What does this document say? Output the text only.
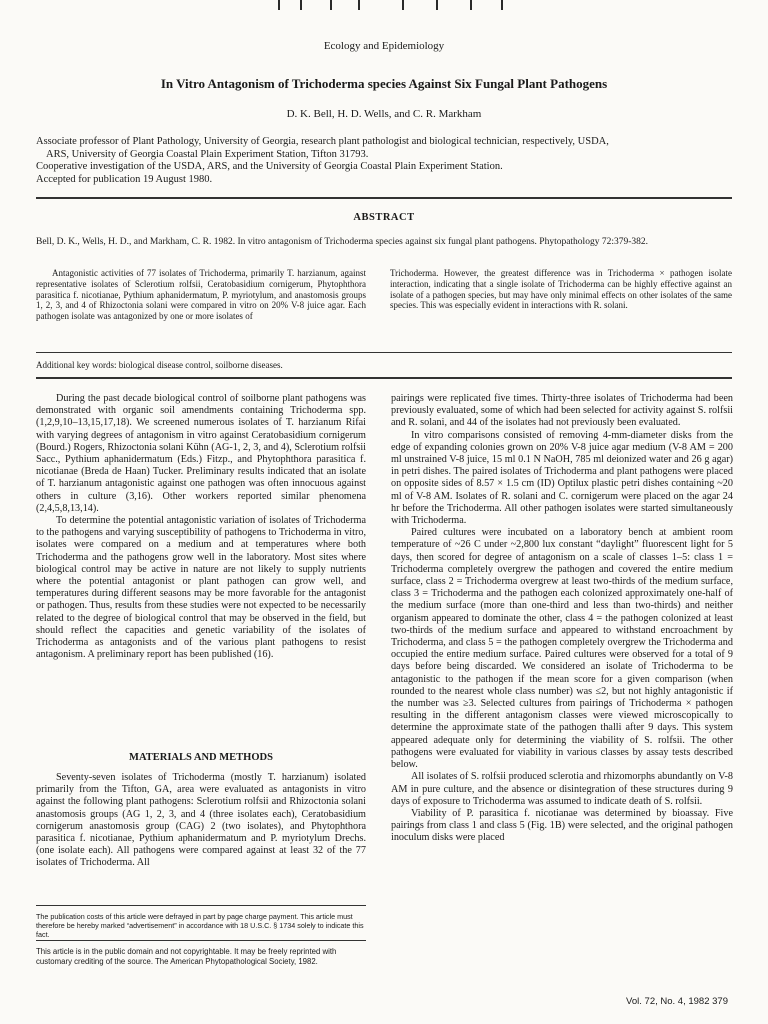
Ecology and Epidemiology
In Vitro Antagonism of Trichoderma species Against Six Fungal Plant Pathogens
D. K. Bell, H. D. Wells, and C. R. Markham
Associate professor of Plant Pathology, University of Georgia, research plant pathologist and biological technician, respectively, USDA,
ARS, University of Georgia Coastal Plain Experiment Station, Tifton 31793.
Cooperative investigation of the USDA, ARS, and the University of Georgia Coastal Plain Experiment Station.
Accepted for publication 19 August 1980.
ABSTRACT
Bell, D. K., Wells, H. D., and Markham, C. R. 1982. In vitro antagonism of Trichoderma species against six fungal plant pathogens. Phytopathology 72:379-382.

Antagonistic activities of 77 isolates of Trichoderma, primarily T. harzianum, against representative isolates of Sclerotium rolfsii, Ceratobasidium cornigerum, Phytophthora parasitica f. nicotianae, Pythium aphanidermatum, P. myriotylum, and anastomosis groups 1, 2, 3, and 4 of Rhizoctonia solani were compared in vitro on 20% V-8 juice agar. Each pathogen isolate was antagonized by one or more isolates of

Trichoderma. However, the greatest difference was in Trichoderma × pathogen isolate interaction, indicating that a single isolate of Trichoderma can be highly effective against an isolate of a pathogen species, but may have only minimal effects on other isolates of the same species. This was especially evident in interactions with R. solani.

Additional key words: biological disease control, soilborne diseases.

During the past decade biological control of soilborne plant pathogens was demonstrated with organic soil amendments containing Trichoderma spp. (1,2,9,10–13,15,17,18). We screened numerous isolates of T. harzianum Rifai with varying degrees of antagonism in vitro against Ceratobasidium cornigerum (Bourd.) Rogers, Rhizoctonia solani Kühn (AG-1, 2, 3, and 4), Sclerotium rolfsii Sacc., Pythium aphanidermatum (Eds.) Fitzp., and Phytophthora parasitica f. nicotianae (Breda de Haan) Tucker. Preliminary results indicated that an isolate of T. harzianum antagonistic against one pathogen was often innocuous against others in culture (3,16). Other workers reported similar phenomena (2,4,5,8,13,14).

To determine the potential antagonistic variation of isolates of Trichoderma to the pathogens and varying susceptibility of pathogens to Trichoderma in vitro, isolates were compared on a medium and at temperatures where both Trichoderma and the pathogens grow well in the laboratory. Most sites where biological control may be active in nature are not likely to supply nutrients where the potential antagonist or plant pathogen can grow well, and temperatures during different seasons may be more favorable for the antagonist or pathogen. Thus, results from these studies were not expected to be necessarily related to the degree of biological control that may be observed in the field, but should reflect the capacities and genetic variability of the isolates of Trichoderma as antagonists and of the various plant pathogens to resist antagonism. A preliminary report has been published (16).

MATERIALS AND METHODS

Seventy-seven isolates of Trichoderma (mostly T. harzianum) isolated primarily from the Tifton, GA, area were evaluated as antagonists in vitro against the following plant pathogens: Sclerotium rolfsii and Rhizoctonia solani anastomosis groups (AG 1, 2, 3, and 4 (three isolates each), Ceratobasidium cornigerum anastomosis group (CAG) 2 (two isolates), and Phytophthora parasitica f. nicotianae, Pythium aphanidermatum and P. myriotylum Drechs. (one isolate each). All pathogens were compared against at least 32 of the 77 isolates of Trichoderma. All

The publication costs of this article were defrayed in part by page charge payment. This article must therefore be hereby marked “advertisement” in accordance with 18 U.S.C. § 1734 solely to indicate this fact.

This article is in the public domain and not copyrightable. It may be freely reprinted with customary crediting of the source. The American Phytopathological Society, 1982.

pairings were replicated five times. Thirty-three isolates of Trichoderma had been previously evaluated, some of which had been selected for activity against S. rolfsii and R. solani, and 44 of the isolates had not previously been evaluated.

In vitro comparisons consisted of removing 4-mm-diameter disks from the edge of expanding colonies grown on 20% V-8 juice agar medium (V-8 AM = 200 ml unstrained V-8 juice, 15 ml 0.1 N NaOH, 785 ml deionized water and 26 g agar) in petri dishes. The paired isolates of Trichoderma and plant pathogens were placed on opposite sides of 8.57 × 1.5 cm (ID) Optilux plastic petri dishes containing ~20 ml of V-8 AM. Isolates of R. solani and C. cornigerum were placed on the agar 24 hr before the Trichoderma. All other pathogen isolates were started simultaneously with Trichoderma.

Paired cultures were incubated on a laboratory bench at ambient room temperature of ~26 C under ~2,800 lux constant “daylight” fluorescent light for 5 days, then scored for degree of antagonism on a scale of classes 1–5: class 1 = Trichoderma completely overgrew the pathogen and covered the entire medium surface, class 2 = Trichoderma overgrew at least two-thirds of the medium surface, class 3 = Trichoderma and the pathogen each colonized approximately one-half of the medium surface (more than one-third and less than two-thirds) and neither organism appeared to dominate the other, class 4 = the pathogen colonized at least two-thirds of the medium surface and appeared to withstand encroachment by Trichoderma, and class 5 = the pathogen completely overgrew the Trichoderma and occupied the entire medium surface. Paired cultures were observed for a total of 9 days before being discarded. We considered an isolate of Trichoderma to be antagonistic to the pathogen if the mean score for a given comparison (when rounded to the nearest whole class number) was ≤2, but not highly antagonistic if the number was ≥3. Selected cultures from pairings of Trichoderma × pathogen resulting in the different antagonism classes were viewed microscopically to determine the approximate state of the pathogen thalli after 9 days. This system appeared adequate only for determining the viability of S. rolfsii. The other pathogens were evaluated for viability in various classes by assay tests described below.

All isolates of S. rolfsii produced sclerotia and rhizomorphs abundantly on V-8 AM in pure culture, and the absence or disintegration of these structures during 9 days of exposure to Trichoderma was assumed to indicate death of S. rolfsii.

Viability of P. parasitica f. nicotianae was determined by bioassay. Five pairings from class 1 and class 5 (Fig. 1B) were selected, and the original pathogen inoculum disks were placed

Vol. 72, No. 4, 1982 379
